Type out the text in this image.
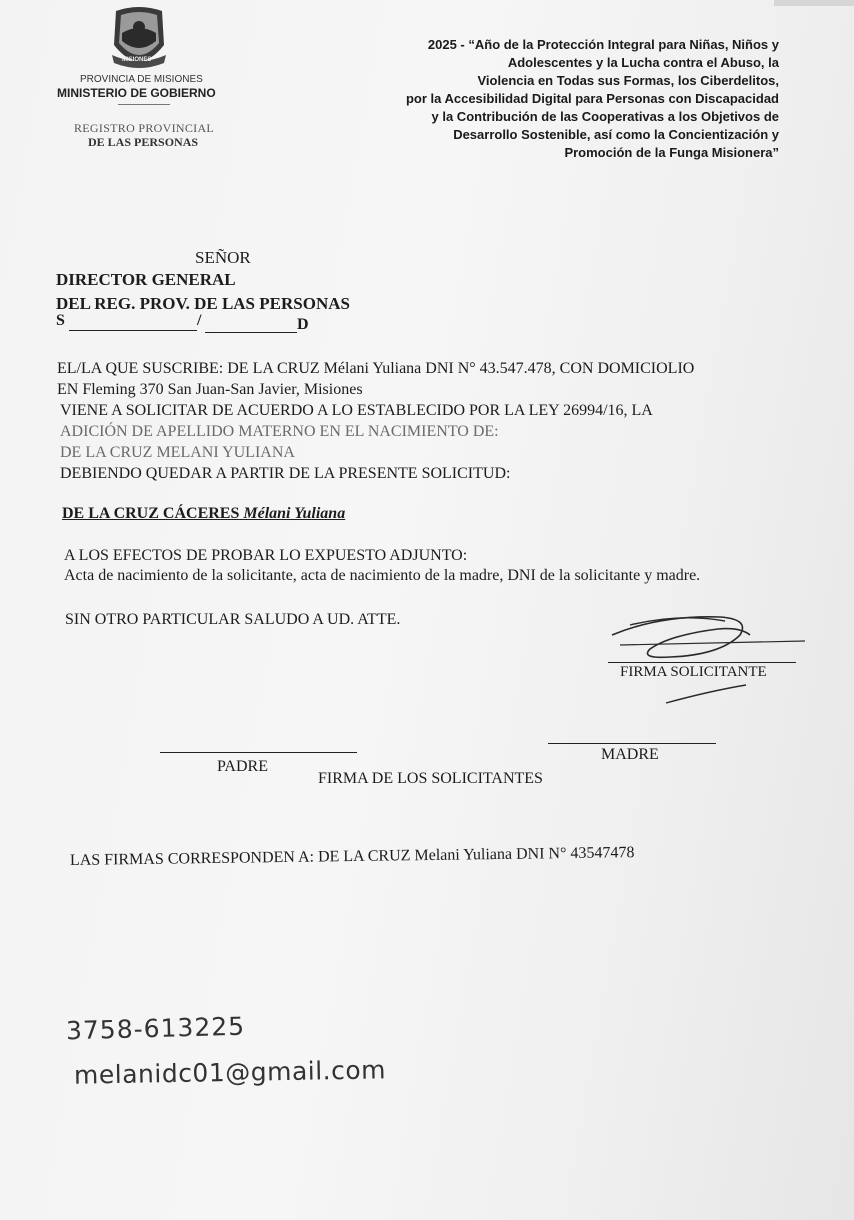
MISIONES
PROVINCIA DE MISIONES
MINISTERIO DE GOBIERNO
REGISTRO PROVINCIAL
DE LAS PERSONAS
2025 - “Año de la Protección Integral para Niñas, Niños y
Adolescentes y la Lucha contra el Abuso, la
Violencia en Todas sus Formas, los Ciberdelitos,
por la Accesibilidad Digital para Personas con Discapacidad
y la Contribución de las Cooperativas a los Objetivos de
Desarrollo Sostenible, así como la Concientización y
Promoción de la Funga Misionera”
SEÑOR
DIRECTOR GENERAL
DEL REG. PROV. DE LAS PERSONAS
S	/	D
EL/LA QUE SUSCRIBE: DE LA CRUZ Mélani Yuliana DNI N° 43.547.478, CON DOMICIOLIO
EN Fleming 370 San Juan-San Javier, Misiones
VIENE A SOLICITAR DE ACUERDO A LO ESTABLECIDO POR LA LEY 26994/16, LA
ADICIÓN DE APELLIDO MATERNO EN EL NACIMIENTO DE:
DE LA CRUZ MELANI YULIANA
DEBIENDO QUEDAR A PARTIR DE LA PRESENTE SOLICITUD:
DE LA CRUZ CÁCERES Mélani Yuliana
A LOS EFECTOS DE PROBAR LO EXPUESTO ADJUNTO:
Acta de nacimiento de la solicitante, acta de nacimiento de la madre, DNI de la solicitante y madre.
SIN OTRO PARTICULAR SALUDO A UD. ATTE.
FIRMA SOLICITANTE
PADRE
MADRE
FIRMA DE LOS SOLICITANTES
LAS FIRMAS CORRESPONDEN A: DE LA CRUZ Melani Yuliana DNI N° 43547478
3758-613225
melanidc01@gmail.com
